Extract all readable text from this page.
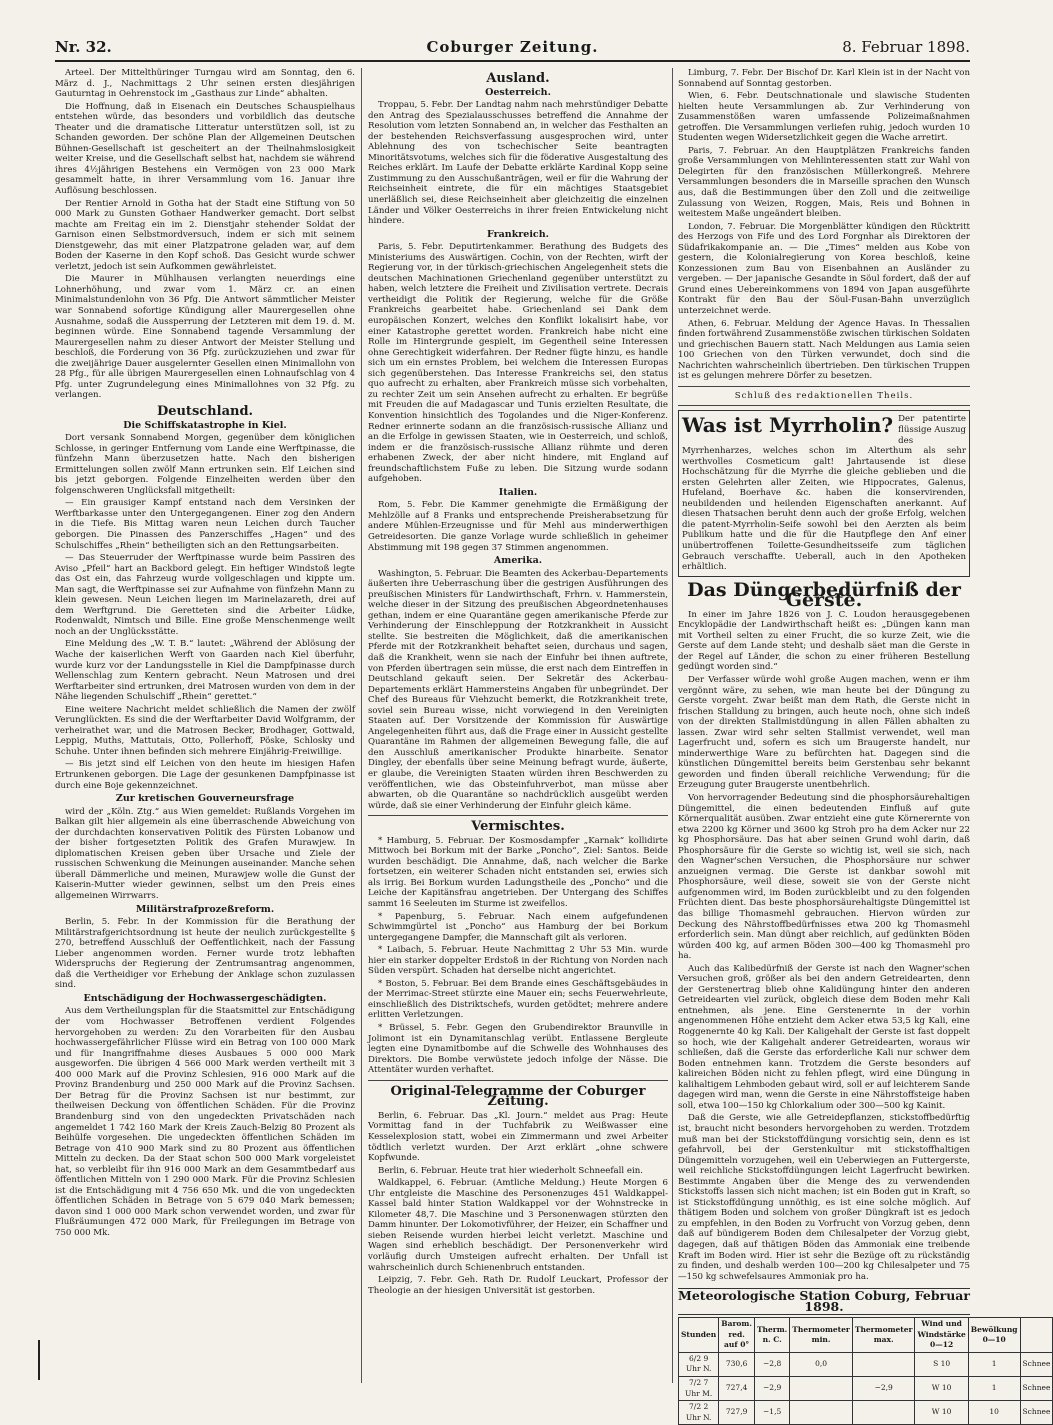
Nr. 32.	Coburger Zeitung.	8. Februar 1898.

Arteel. Der Mittelthüringer Turngau wird am Sonntag, den 6. März d. J., Nachmittags 2 Uhr seinen ersten diesjährigen Gauturntag in Oehrenstock im „Gasthaus zur Linde“ abhalten.

Die Hoffnung, daß in Eisenach ein Deutsches Schauspielhaus entstehen würde, das besonders und vorbildlich das deutsche Theater und die dramatische Litteratur unterstützen soll, ist zu Schanden geworden. Der schöne Plan der Allgemeinen Deutschen Bühnen-Gesellschaft ist gescheitert an der Theilnahmslosigkeit weiter Kreise, und die Gesellschaft selbst hat, nachdem sie während ihres 4½jährigen Bestehens ein Vermögen von 23 000 Mark gesammelt hatte, in ihrer Versammlung vom 16. Januar ihre Auflösung beschlossen.

Der Rentier Arnold in Gotha hat der Stadt eine Stiftung von 50 000 Mark zu Gunsten Gothaer Handwerker gemacht. Dort selbst machte am Freitag ein im 2. Dienstjahr stehender Soldat der Garnison einen Selbstmordversuch, indem er sich mit seinem Dienstgewehr, das mit einer Platzpatrone geladen war, auf dem Boden der Kaserne in den Kopf schoß. Das Gesicht wurde schwer verletzt, jedoch ist sein Aufkommen gewährleistet.

Die Maurer in Mühlhausen verlangten neuerdings eine Lohnerhöhung, und zwar vom 1. März cr. an einen Minimalstundenlohn von 36 Pfg. Die Antwort sämmtlicher Meister war Sonnabend sofortige Kündigung aller Maurergesellen ohne Ausnahme, sodaß die Aussperrung der Letzteren mit dem 19. d. M. beginnen würde. Eine Sonnabend tagende Versammlung der Maurergesellen nahm zu dieser Antwort der Meister Stellung und beschloß, die Forderung von 36 Pfg. zurückzuziehen und zwar für die zweijährige Dauer ausgelernter Gesellen einen Minimallohn von 28 Pfg., für alle übrigen Maurergesellen einen Lohnaufschlag von 4 Pfg. unter Zugrundelegung eines Minimallohnes von 32 Pfg. zu verlangen.

Deutschland.
Die Schiffskatastrophe in Kiel.

Dort versank Sonnabend Morgen, gegenüber dem königlichen Schlosse, in geringer Entfernung vom Lande eine Werftpinasse, die fünfzehn Mann überzusetzen hatte. Nach den bisherigen Ermittelungen sollen zwölf Mann ertrunken sein. Elf Leichen sind bis jetzt geborgen. Folgende Einzelheiten werden über den folgenschweren Unglücksfall mitgetheilt:

— Ein grausiger Kampf entstand nach dem Versinken der Werftbarkasse unter den Untergegangenen. Einer zog den Andern in die Tiefe. Bis Mittag waren neun Leichen durch Taucher geborgen. Die Pinassen des Panzerschiffes „Hagen“ und des Schulschiffes „Rhein“ betheiligten sich an den Rettungsarbeiten.

— Das Steuerruder der Werftpinasse wurde beim Passiren des Aviso „Pfeil“ hart an Backbord gelegt. Ein heftiger Windstoß legte das Ost ein, das Fahrzeug wurde vollgeschlagen und kippte um. Man sagt, die Werftpinasse sei zur Aufnahme von fünfzehn Mann zu klein gewesen. Neun Leichen liegen im Marinelazareth, drei auf dem Werftgrund. Die Geretteten sind die Arbeiter Lüdke, Rodenwaldt, Nimtsch und Bille. Eine große Menschenmenge weilt noch an der Unglücksstätte.

Eine Meldung des „W. T. B.“ lautet: „Während der Ablösung der Wache der kaiserlichen Werft von Gaarden nach Kiel überfuhr, wurde kurz vor der Landungsstelle in Kiel die Dampfpinasse durch Wellenschlag zum Kentern gebracht. Neun Matrosen und drei Werftarbeiter sind ertrunken, drei Matrosen wurden von dem in der Nähe liegenden Schulschiff „Rhein“ gerettet.“

Eine weitere Nachricht meldet schließlich die Namen der zwölf Verunglückten. Es sind die der Werftarbeiter David Wolfgramm, der verheirathet war, und die Matrosen Becker, Brodhager, Gottwald, Leppig, Muths, Mattutais, Otto, Pollerhoff, Pöske, Schlosky und Schuhe. Unter ihnen befinden sich mehrere Einjährig-Freiwillige.

— Bis jetzt sind elf Leichen von den heute im hiesigen Hafen Ertrunkenen geborgen. Die Lage der gesunkenen Dampfpinasse ist durch eine Boje gekennzeichnet.

Zur kretischen Gouverneursfrage

wird der „Köln. Ztg.“ aus Wien gemeldet: Rußlands Vorgehen im Balkan gilt hier allgemein als eine überraschende Abweichung von der durchdachten konservativen Politik des Fürsten Lobanow und der bisher fortgesetzten Politik des Grafen Murawjew. In diplomatischen Kreisen geben über Ursache und Ziele der russischen Schwenkung die Meinungen auseinander. Manche sehen überall Dämmerliche und meinen, Murawjew wolle die Gunst der Kaiserin-Mutter wieder gewinnen, selbst um den Preis eines allgemeinen Wirrwarrs.

Militärstrafprozeßreform.

Berlin, 5. Febr. In der Kommission für die Berathung der Militärstrafgerichtsordnung ist heute der neulich zurückgestellte § 270, betreffend Ausschluß der Oeffentlichkeit, nach der Fassung Lieber angenommen worden. Ferner wurde trotz lebhaften Widerspruchs der Regierung der Zentrumsantrag angenommen, daß die Vertheidiger vor Erhebung der Anklage schon zuzulassen sind.

Entschädigung der Hochwassergeschädigten.

Aus dem Vertheilungsplan für die Staatsmittel zur Entschädigung der vom Hochwasser Betroffenen verdient Folgendes hervorgehoben zu werden: Zu den Vorarbeiten für den Ausbau hochwassergefährlicher Flüsse wird ein Betrag von 100 000 Mark und für Inangriffnahme dieses Ausbaues 5 000 000 Mark ausgeworfen. Die übrigen 4 566 000 Mark werden vertheilt mit 3 400 000 Mark auf die Provinz Schlesien, 916 000 Mark auf die Provinz Brandenburg und 250 000 Mark auf die Provinz Sachsen. Der Betrag für die Provinz Sachsen ist nur bestimmt, zur theilweisen Deckung von öffentlichen Schäden. Für die Provinz Brandenburg sind von den ungedeckten Privatschäden nach angemeldet 1 742 160 Mark der Kreis Zauch-Belzig 80 Prozent als Beihülfe vorgesehen. Die ungedeckten öffentlichen Schäden im Betrage von 410 900 Mark sind zu 80 Prozent aus öffentlichen Mitteln zu decken. Da der Staat schon 500 000 Mark vorgeleistet hat, so verbleibt für ihn 916 000 Mark an dem Gesammtbedarf aus öffentlichen Mitteln von 1 290 000 Mark. Für die Provinz Schlesien ist die Entschädigung mit 4 756 650 Mk. und die von ungedeckten öffentlichen Schäden in Betrage von 5 679 040 Mark bemessen; davon sind 1 000 000 Mark schon verwendet worden, und zwar für Flußräumungen 472 000 Mark, für Freilegungen im Betrage von 750 000 Mk.

Ausland.
Oesterreich.

Troppau, 5. Febr. Der Landtag nahm nach mehrstündiger Debatte den Antrag des Spezialausschusses betreffend die Annahme der Resolution vom letzten Sonnabend an, in welcher das Festhalten an der bestehenden Reichsverfassung ausgesprochen wird, unter Ablehnung des von tschechischer Seite beantragten Minoritätsvotums, welches sich für die föderative Ausgestaltung des Reiches erklärt. Im Laufe der Debatte erklärte Kardinal Kopp seine Zustimmung zu den Ausschußanträgen, weil er für die Wahrung der Reichseinheit eintrete, die für ein mächtiges Staatsgebiet unerläßlich sei, diese Reichseinheit aber gleichzeitig die einzelnen Länder und Völker Oesterreichs in ihrer freien Entwickelung nicht hindere.

Frankreich.

Paris, 5. Febr. Deputirtenkammer. Berathung des Budgets des Ministeriums des Auswärtigen. Cochin, von der Rechten, wirft der Regierung vor, in der türkisch-griechischen Angelegenheit stets die deutschen Machinationen Griechenland gegenüber unterstützt zu haben, welch letztere die Freiheit und Zivilisation vertrete. Decrais vertheidigt die Politik der Regierung, welche für die Größe Frankreichs gearbeitet habe. Griechenland sei Dank dem europäischen Konzert, welches den Konflikt lokalisirt habe, vor einer Katastrophe gerettet worden. Frankreich habe nicht eine Rolle im Hintergrunde gespielt, im Gegentheil seine Interessen ohne Gerechtigkeit widerfahren. Der Redner fügte hinzu, es handle sich um ein ernstes Problem, bei welchem die Interessen Europas sich gegenüberstehen. Das Interesse Frankreichs sei, den status quo aufrecht zu erhalten, aber Frankreich müsse sich vorbehalten, zu rechter Zeit um sein Ansehen aufrecht zu erhalten. Er begrüße mit Freuden die auf Madagascar und Tunis erzielten Resultate, die Konvention hinsichtlich des Togolandes und die Niger-Konferenz. Redner erinnerte sodann an die französisch-russische Allianz und an die Erfolge in gewissen Staaten, wie in Oesterreich, und schloß, indem er die französisch-russische Allianz rühmte und deren erhabenen Zweck, der aber nicht hindere, mit England auf freundschaftlichstem Fuße zu leben. Die Sitzung wurde sodann aufgehoben.

Italien.

Rom, 5. Febr. Die Kammer genehmigte die Ermäßigung der Mehlzölle auf 8 Franks und entsprechende Preisherabsetzung für andere Mühlen-Erzeugnisse und für Mehl aus minderwerthigen Getreidesorten. Die ganze Vorlage wurde schließlich in geheimer Abstimmung mit 198 gegen 37 Stimmen angenommen.

Amerika.

Washington, 5. Februar. Die Beamten des Ackerbau-Departements äußerten ihre Ueberraschung über die gestrigen Ausführungen des preußischen Ministers für Landwirthschaft, Frhrn. v. Hammerstein, welche dieser in der Sitzung des preußischen Abgeordnetenhauses gethan, indem er eine Quarantäne gegen amerikanische Pferde zur Verhinderung der Einschleppung der Rotzkrankheit in Aussicht stellte. Sie bestreiten die Möglichkeit, daß die amerikanischen Pferde mit der Rotzkrankheit behaftet seien, durchaus und sagen, daß die Krankheit, wenn sie nach der Einfuhr bei ihnen auftrete, von Pferden übertragen sein müsse, die erst nach dem Eintreffen in Deutschland gekauft seien. Der Sekretär des Ackerbau-Departements erklärt Hammersteins Angaben für unbegründet. Der Chef des Bureaus für Viehzucht bemerkt, die Rotzkrankheit trete, soviel sein Bureau wisse, nicht vorwiegend in den Vereinigten Staaten auf. Der Vorsitzende der Kommission für Auswärtige Angelegenheiten führt aus, daß die Frage einer in Aussicht gestellte Quarantäne im Rahmen der allgemeinen Bewegung falle, die auf den Ausschluß amerikanischer Produkte hinarbeite. Senator Dingley, der ebenfalls über seine Meinung befragt wurde, äußerte, er glaube, die Vereinigten Staaten würden ihren Beschwerden zu veröffentlichen, wie das Obsteinfuhrverbot, man müsse aber abwarten, ob die Quarantäne so nachdrücklich ausgeübt werden würde, daß sie einer Verhinderung der Einfuhr gleich käme.

Vermischtes.

* Hamburg, 5. Februar. Der Kosmosdampfer „Karnak“ kollidirte Mittwoch bei Borkum mit der Barke „Poncho“, Ziel: Santos. Beide wurden beschädigt. Die Annahme, daß, nach welcher die Barke fortsetzen, ein weiterer Schaden nicht entstanden sei, erwies sich als irrig. Bei Borkum wurden Ladungstheile des „Poncho“ und die Leiche der Kapitänsfrau angetrieben. Der Untergang des Schiffes sammt 16 Seeleuten im Sturme ist zweifellos.

* Papenburg, 5. Februar. Nach einem aufgefundenen Schwimmgürtel ist „Poncho“ aus Hamburg der bei Borkum untergegangene Dampfer, die Mannschaft gilt als verloren.

* Laibach, 5. Februar. Heute Nachmittag 2 Uhr 53 Min. wurde hier ein starker doppelter Erdstoß in der Richtung von Norden nach Süden verspürt. Schaden hat derselbe nicht angerichtet.

* Boston, 5. Februar. Bei dem Brande eines Geschäftsgebäudes in der Merrimac-Street stürzte eine Mauer ein; sechs Feuerwehrleute, einschließlich des Distriktschefs, wurden getödtet; mehrere andere erlitten Verletzungen.

* Brüssel, 5. Febr. Gegen den Grubendirektor Braunville in Jolimont ist ein Dynamitanschlag verübt. Entlassene Bergleute legten eine Dynamitbombe auf die Schwelle des Wohnhauses des Direktors. Die Bombe verwüstete jedoch infolge der Nässe. Die Attentäter wurden verhaftet.

Original-Telegramme der Coburger Zeitung.

Berlin, 6. Februar. Das „Kl. Journ.“ meldet aus Prag: Heute Vormittag fand in der Tuchfabrik zu Weißwasser eine Kesselexplosion statt, wobei ein Zimmermann und zwei Arbeiter tödtlich verletzt wurden. Der Arzt erklärt „ohne schwere Kopfwunde.

Berlin, 6. Februar. Heute trat hier wiederholt Schneefall ein.

Waldkappel, 6. Februar. (Amtliche Meldung.) Heute Morgen 6 Uhr entgleiste die Maschine des Personenzuges 451 Waldkappel-Kassel bald hinter Station Waldkappel vor der Wohnstrecke in Kilometer 48,7. Die Maschine und 3 Personenwagen stürzten den Damm hinunter. Der Lokomotivführer, der Heizer, ein Schaffner und sieben Reisende wurden hierbei leicht verletzt. Maschine und Wagen sind erheblich beschädigt. Der Personenverkehr wird vorläufig durch Umsteigen aufrecht erhalten. Der Unfall ist wahrscheinlich durch Schienenbruch entstanden.

Leipzig, 7. Febr. Geh. Rath Dr. Rudolf Leuckart, Professor der Theologie an der hiesigen Universität ist gestorben.

Limburg, 7. Febr. Der Bischof Dr. Karl Klein ist in der Nacht von Sonnabend auf Sonntag gestorben.

Wien, 6. Febr. Deutschnationale und slawische Studenten hielten heute Versammlungen ab. Zur Verhinderung von Zusammenstößen waren umfassende Polizeimaßnahmen getroffen. Die Versammlungen verliefen ruhig, jedoch wurden 10 Studenten wegen Widersetzlichkeit gegen die Wache arretirt.

Paris, 7. Februar. An den Hauptplätzen Frankreichs fanden große Versammlungen von Mehlinteressenten statt zur Wahl von Delegirten für den französischen Müllerkongreß. Mehrere Versammlungen besonders die in Marseille sprachen den Wunsch aus, daß die Bestimmungen über den Zoll und die zeitweilige Zulassung von Weizen, Roggen, Mais, Reis und Bohnen in weitestem Maße ungeändert bleiben.

London, 7. Februar. Die Morgenblätter kündigen den Rücktritt des Herzogs von Fife und des Lord Forgnhar als Direktoren der Südafrikakompanie an. — Die „Times“ melden aus Kobe von gestern, die Kolonialregierung von Korea beschloß, keine Konzessionen zum Bau von Eisenbahnen an Ausländer zu vergeben. — Der japanische Gesandte in Söul fordert, daß der auf Grund eines Uebereinkommens von 1894 von Japan ausgeführte Kontrakt für den Bau der Söul-Fusan-Bahn unverzüglich unterzeichnet werde.

Athen, 6. Februar. Meldung der Agence Havas. In Thessalien finden fortwährend Zusammenstöße zwischen türkischen Soldaten und griechischen Bauern statt. Nach Meldungen aus Lamia seien 100 Griechen von den Türken verwundet, doch sind die Nachrichten wahrscheinlich übertrieben. Den türkischen Truppen ist es gelungen mehrere Dörfer zu besetzen.

Schluß des redaktionellen Theils.
Was ist Myrrholin? Der patentirte flüssige Auszug des Myrrhenharzes, welches schon im Alterthum als sehr werthvolles Cosmeticum galt! Jahrtausende ist diese Hochschätzung für die Myrrhe die gleiche geblieben und die ersten Gelehrten aller Zeiten, wie Hippocrates, Galenus, Hufeland, Boerhave &c. haben die konservirenden, neubildenden und heilenden Eigenschaften anerkannt. Auf diesen Thatsachen beruht denn auch der große Erfolg, welchen die patent-Myrrholin-Seife sowohl bei den Aerzten als beim Publikum hatte und die für die Hautpflege den Anf einer unübertroffenen Toilette-Gesundheitsseife zum täglichen Gebrauch verschaffte. Ueberall, auch in den Apotheken erhältlich.
Das Düngerbedürfniß der Gerste.

In einer im Jahre 1826 von J. C. Loudon herausgegebenen Encyklopädie der Landwirthschaft heißt es: „Düngen kann man mit Vortheil selten zu einer Frucht, die so kurze Zeit, wie die Gerste auf dem Lande steht; und deshalb säet man die Gerste in der Regel auf Länder, die schon zu einer früheren Bestellung gedüngt worden sind.“

Der Verfasser würde wohl große Augen machen, wenn er ihm vergönnt wäre, zu sehen, wie man heute bei der Düngung zu Gerste vorgeht. Zwar beißt man dem Rath, die Gerste nicht in frischen Stalldung zu bringen, auch heute noch, ohne sich indeß von der direkten Stallmistdüngung in allen Fällen abhalten zu lassen. Zwar wird sehr selten Stallmist verwendet, weil man Lagerfrucht und, sofern es sich um Braugerste handelt, nur minderwerthige Ware zu befürchten hat. Dagegen sind die künstlichen Düngemittel bereits beim Gerstenbau sehr bekannt geworden und finden überall reichliche Verwendung; für die Erzeugung guter Braugerste unentbehrlich.

Von hervorragender Bedeutung sind die phosphorsäurehaltigen Düngemittel, die einen bedeutenden Einfluß auf gute Körnerqualität ausüben. Zwar entzieht eine gute Körnerernte von etwa 2200 kg Körner und 3600 kg Stroh pro ha dem Acker nur 22 kg Phosphorsäure. Das hat aber seinen Grund wohl darin, daß Phosphorsäure für die Gerste so wichtig ist, weil sie sich, nach den Wagner'schen Versuchen, die Phosphorsäure nur schwer anzueignen vermag. Die Gerste ist dankbar sowohl mit Phosphorsäure, weil diese, soweit sie von der Gerste nicht aufgenommen wird, im Boden zurückbleibt und zu den folgenden Früchten dient. Das beste phosphorsäurehaltigste Düngemittel ist das billige Thomasmehl gebrauchen. Hiervon würden zur Deckung des Nährstoffbedürfnisses etwa 200 kg Thomasmehl erforderlich sein. Man düngt aber reichlich, auf gedünkten Böden würden 400 kg, auf armen Böden 300—400 kg Thomasmehl pro ha.

Auch das Kalibedürfniß der Gerste ist nach den Wagner'schen Versuchen groß, größer als bei den andern Getreidearten, denn der Gerstenertrag blieb ohne Kalidüngung hinter den anderen Getreidearten viel zurück, obgleich diese dem Boden mehr Kali entnehmen, als jene. Eine Gerstenernte in der vorhin angenommenen Höhe entzieht dem Acker etwa 53,5 kg Kali, eine Roggenernte 40 kg Kali. Der Kaligehalt der Gerste ist fast doppelt so hoch, wie der Kaligehalt anderer Getreidearten, woraus wir schließen, daß die Gerste das erforderliche Kali nur schwer dem Boden entnehmen kann. Trotzdem die Gerste besonders auf kalireichen Böden nicht zu fehlen pflegt, wird eine Düngung in kalihaltigem Lehmboden gebaut wird, soll er auf leichterem Sande dagegen wird man, wenn die Gerste in eine Nährstoffsteige haben soll, etwa 100—150 kg Chlorkalium oder 300—500 kg Kainit.

Daß die Gerste, wie alle Getreidepflanzen, stickstoffbedürftig ist, braucht nicht besonders hervorgehoben zu werden. Trotzdem muß man bei der Stickstoffdüngung vorsichtig sein, denn es ist gefahrvoll, bei der Gerstenkultur mit stickstoffhaltigen Düngemitteln vorzugehen, weil ein Ueberwiegen an Futtergerste, weil reichliche Stickstoffdüngungen leicht Lagerfrucht bewirken. Bestimmte Angaben über die Menge des zu verwendenden Stickstoffs lassen sich nicht machen; ist ein Boden gut in Kraft, so ist Stickstoffdüngung unnöthig, es ist eine solche möglich. Auf thätigem Boden und solchem von großer Düngkraft ist es jedoch zu empfehlen, in den Boden zu Vorfrucht von Vorzug geben, denn daß auf bündigerem Boden dem Chilesalpeter der Vorzug giebt, dagegen, daß auf thätigen Böden das Ammoniak eine treibende Kraft im Boden wird. Hier ist sehr die Bezüge oft zu rückständig zu finden, und deshalb werden 100—200 kg Chilesalpeter und 75—150 kg schwefelsaures Ammoniak pro ha.

Meteorologische Station Coburg, Februar 1898.
Stunden	Barom. red. auf 0°	Therm. n. C.	Thermometer min.	Thermometer max.	Wind und Windstärke 0—12	Bewölkung 0—10	
6/2 9 Uhr N.	730,6	−2,8	0,0		S 10	1	Schnee
7/2 7 Uhr M.	727,4	−2,9		−2,9	W 10	1	Schnee
7/2 2 Uhr N.	727,9	−1,5			W 10	10	Schnee
